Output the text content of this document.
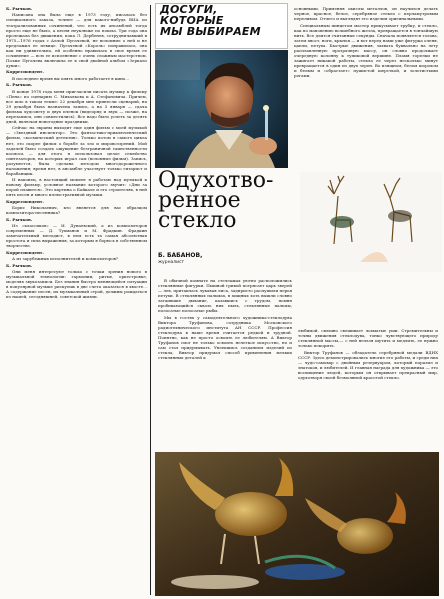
Б. Рычков.

Написана она была еще в 1973 году, писалась без специального заказа, точнее — для какого-нибудь ВИА из театрализованных сочинений, что есть их ансамблей тогда просто еще не было, а песня неуклюже по пошла. Три года она пролежала без движения, пока Л. Дербенев, сотрудничавший в 1975—1976 годах с Аллой Пугачевой, не вспомнил о ней и не предложил ее певице. Пугачевой «Король» понравилась, она как ни удивительно, ей особенно нравилась в свое время ее сочинение — всю ее исполнение с очень сложным мастерством. Позже Пугачева включила ее в свой двойной альбом «Зеркало души».

Корреспондент.

В последнее время вы опять много работаете в кино...

Б. Рычков.

В конце 1978 года меня пригласили писать музыку к фильму «Пена» по сценарию С. Михалкова и А. Стефановича. Причем, все шло в таком темпе: 22 декабря мне принесли сценарий, на 29 декабря была назначена запись, а на 3 января — сдача фильма худсовету и двух пленок (видеоряд и звук — позже, на перезаписи, они совместились). Все надо было успеть за десять дней, включая новогодние праздники.

Сейчас на экраны выходит еще один фильм с моей музыкой — «Звездный инспектор». Это фантастико-приключенческий фильм, «космический детектив». Только потом я самого цикла нет, это скорее фильм о борьбе за зло и мировоззрений. Мой задачей было создать ощущение безграничной таинственности космоса — для этого я использовал целое семейство синтезаторов, на которых играл сам (вспомнил фильм). Запись, разумеется, была сделана методом многодорожечного наложения; время нет, в ансамбле участвует только гитарист и барабанщик.

И наконец, в настоящий момент я работаю над музыкой к новому фильму, условное название которого звучит: «Дни за порой плавится». Это картина о Байкале и его строителях, в ней пять песен и много иллюстративной музыки.

Корреспондент.

Борис Николаевич, кто является для вас образцом композитора-песенника?

Б. Рычков.

Из «классиков» — И. Дунаевский, а из композиторов современных — Д. Тухманов и М. Фрадкин. Фрадкин замечательный мелодист, в нем есть та самая абсолютная простота и сила выражения, за которым я борюсь в собственном творчестве.

Корреспондент.

А из зарубежных исполнителей и композиторов?

Б. Рычков.

Они меня интересуют только с точки зрения нового в музыкальной технологии: гармонии, ритме, оркестровке, моделях звукозаписи. Без знания быстро меняющейся ситуации в популярной музыке рискуешь в две счета оказаться в хвосте... А содержание песен, их музыкальный строй, должны рождаться из нашей, сегодняшней, советской жизни.

ДОСУГИ, КОТОРЫЕ
МЫ ВЫБИРАЕМ

основными. Применяя окислы металлов, он научился делать черное, красное, белое, серебряное стекло с перламутровым переливом. Отчего и выглядят его изделия оригинальными.

Специальным пинцетом мастер прикусывает трубку, и стекло, как по мановению волшебного жезла, превращается в тончайшую нить. Все длится считанные секунды. Сначала появляется голова, затем хвост, ноги, крылья — и вот перед нами уже фигурка оленя, цапли, петуха. Быстрые движения, захвата буквально на лету расплавленную прозрачную массу, он словно продолжает очередную колонну к тупиковой вершине. Пламя горелки не зажигает никакой работы, стекла ее через несколько минут превращается в один из двух зерен. Во изящном, белом шорохом и белым и «обрастает» пушистой шерсткой, и золотистыми рогами.

Одухотво-
ренное
стекло
Б. БАБАНОВ,
журналист

В обычной комнате на стеллажах уютно расположились стеклянные фигурки. Пышной гривой потрясает царь зверей — лев, притаилась лукавая лиса, задиристо распушили перья петухи. В стеклянных пальмах, в хищных хоть вышли словно затаившие дыхание, казавшись с трудом, помня пробивающийся сквозь них пыль, стеклянные пальмы, полосатые полосатые рыбы.

Мы в гостях у самодеятельного художника-стеклодува Виктора Труфанова, сотрудника Московского радиотехнического института АН СССР. Профессия стеклодува в наше время считается редкой и трудной. Понятно, как не просто освоить ее любителям. А Виктор Труфанов смог не только освоить нелегкое искусство, но и сам стал придумывать. Увлекшись созданием изделий из стекла, Виктор придумал способ применения мелких стеклянных деталей к

любимой, смешно свешивает лохматые уши. Стремительны и точны движения стеклодува, тонко чувствующего природу стеклянной массы,— с ней нельзя шутить и медлить, ее нужно только покорить.

Виктор Труфанов — обладатель серебряной медали ВДНХ СССР. Здесь демонстрировались многие его работы, и среди них — чудо-самовар с двойным резервуаром, который поразил и знатоков, и любителей. И главная награда для художника — это восхищение людей, которым он открывает прекрасный мир, одухотворя своей безмолвной красотой стекло.
